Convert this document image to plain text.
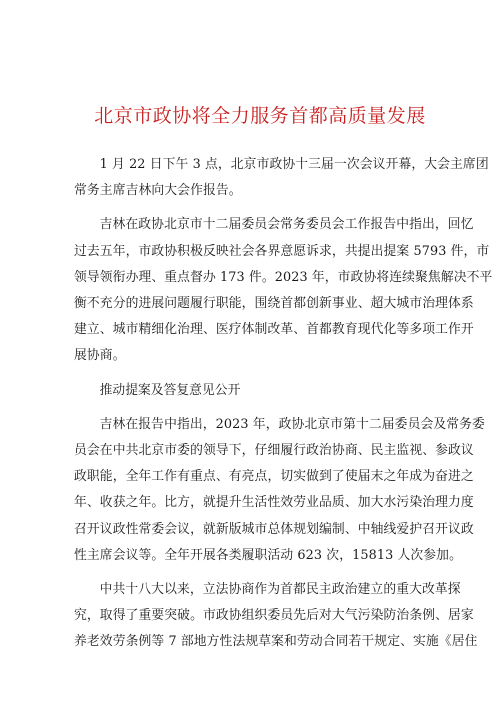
北京市政协将全力服务首都高质量发展

1 月 22 日下午 3 点，北京市政协十三届一次会议开幕，大会主席团
常务主席吉林向大会作报告。

吉林在政协北京市十二届委员会常务委员会工作报告中指出，回忆
过去五年，市政协积极反映社会各界意愿诉求，共提出提案 5793 件，市
领导领衔办理、重点督办 173 件。2023 年，市政协将连续聚焦解决不平
衡不充分的进展问题履行职能，围绕首都创新事业、超大城市治理体系
建立、城市精细化治理、医疗体制改革、首都教育现代化等多项工作开
展协商。

推动提案及答复意见公开

吉林在报告中指出，2023 年，政协北京市第十二届委员会及常务委
员会在中共北京市委的领导下，仔细履行政治协商、民主监视、参政议
政职能，全年工作有重点、有亮点，切实做到了使届末之年成为奋进之
年、收获之年。比方，就提升生活性效劳业品质、加大水污染治理力度
召开议政性常委会议，就新版城市总体规划编制、中轴线爱护召开议政
性主席会议等。全年开展各类履职活动 623 次，15813 人次参加。

中共十八大以来，立法协商作为首都民主政治建立的重大改革探
究，取得了重要突破。市政协组织委员先后对大气污染防治条例、居家
养老效劳条例等 7 部地方性法规草案和劳动合同若干规定、实施《居住
